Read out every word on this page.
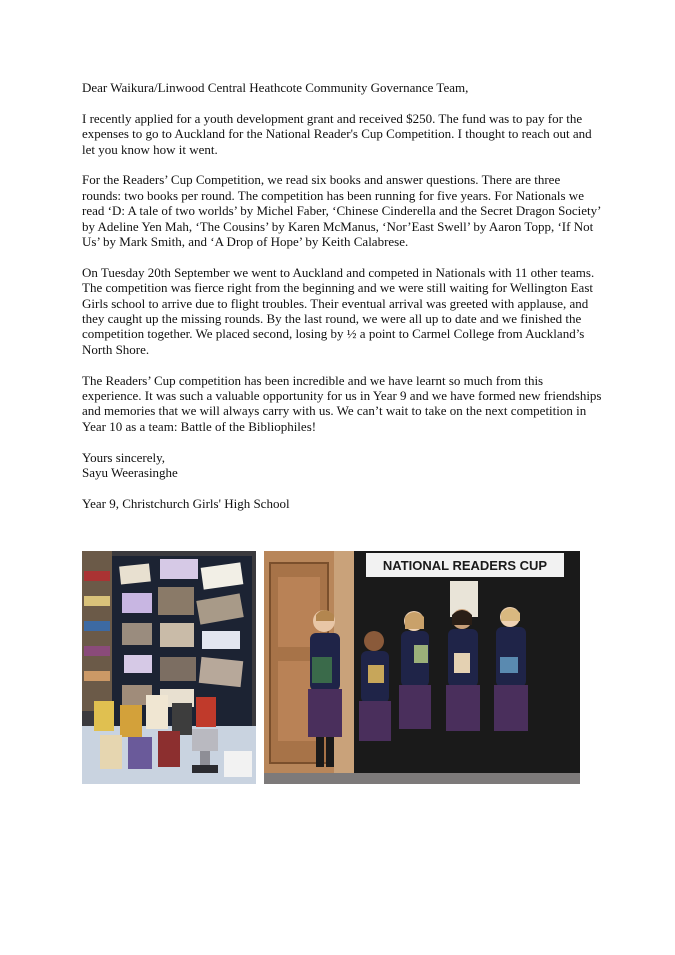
Dear Waikura/Linwood Central Heathcote Community Governance Team,

I recently applied for a youth development grant and received $250. The fund was to pay for the expenses to go to Auckland for the National Reader's Cup Competition. I thought to reach out and let you know how it went.

For the Readers’ Cup Competition, we read six books and answer questions. There are three rounds: two books per round. The competition has been running for five years. For Nationals we read ‘D: A tale of two worlds’ by Michel Faber, ‘Chinese Cinderella and the Secret Dragon Society’ by Adeline Yen Mah, ‘The Cousins’ by Karen McManus, ‘Nor’East Swell’ by Aaron Topp, ‘If Not Us’ by Mark Smith, and ‘A Drop of Hope’ by Keith Calabrese.

On Tuesday 20th September we went to Auckland and competed in Nationals with 11 other teams. The competition was fierce right from the beginning and we were still waiting for Wellington East Girls school to arrive due to flight troubles. Their eventual arrival was greeted with applause, and they caught up the missing rounds. By the last round, we were all up to date and we finished the competition together. We placed second, losing by ½ a point to Carmel College from Auckland’s North Shore.

The Readers’ Cup competition has been incredible and we have learnt so much from this experience. It was such a valuable opportunity for us in Year 9 and we have formed new friendships and memories that we will always carry with us. We can’t wait to take on the next competition in Year 10 as a team: Battle of the Bibliophiles!

Yours sincerely,

Sayu Weerasinghe

Year 9, Christchurch Girls' High School

NATIONAL READERS CUP
